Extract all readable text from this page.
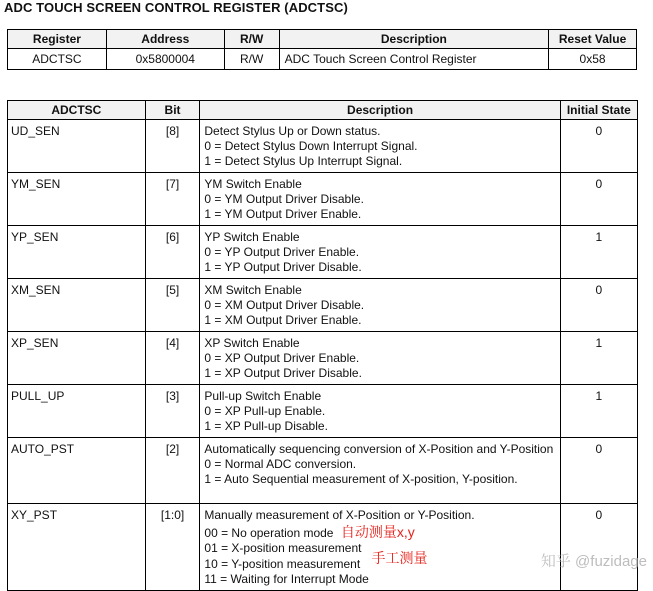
ADC TOUCH SCREEN CONTROL REGISTER (ADCTSC)
Register	Address	R/W	Description	Reset Value
ADCTSC	0x5800004	R/W	ADC Touch Screen Control Register	0x58
ADCTSC	Bit	Description	Initial State
UD_SEN	[8]	Detect Stylus Up or Down status.
0 = Detect Stylus Down Interrupt Signal.
1 = Detect Stylus Up Interrupt Signal.	0
YM_SEN	[7]	YM Switch Enable
0 = YM Output Driver Disable.
1 = YM Output Driver Enable.	0
YP_SEN	[6]	YP Switch Enable
0 = YP Output Driver Enable.
1 = YP Output Driver Disable.	1
XM_SEN	[5]	XM Switch Enable
0 = XM Output Driver Disable.
1 = XM Output Driver Enable.	0
XP_SEN	[4]	XP Switch Enable
0 = XP Output Driver Enable.
1 = XP Output Driver Disable.	1
PULL_UP	[3]	Pull-up Switch Enable
0 = XP Pull-up Enable.
1 = XP Pull-up Disable.	1
AUTO_PST	[2]	Automatically sequencing conversion of X-Position and Y-Position
0 = Normal ADC conversion.
1 = Auto Sequential measurement of X-position, Y-position.	0
XY_PST	[1:0]	Manually measurement of X-Position or Y-Position.
00 = No operation mode 自动测量x,y
01 = X-position measurement
10 = Y-position measurement 手工测量
11 = Waiting for Interrupt Mode	0
知乎 @fuzidage
